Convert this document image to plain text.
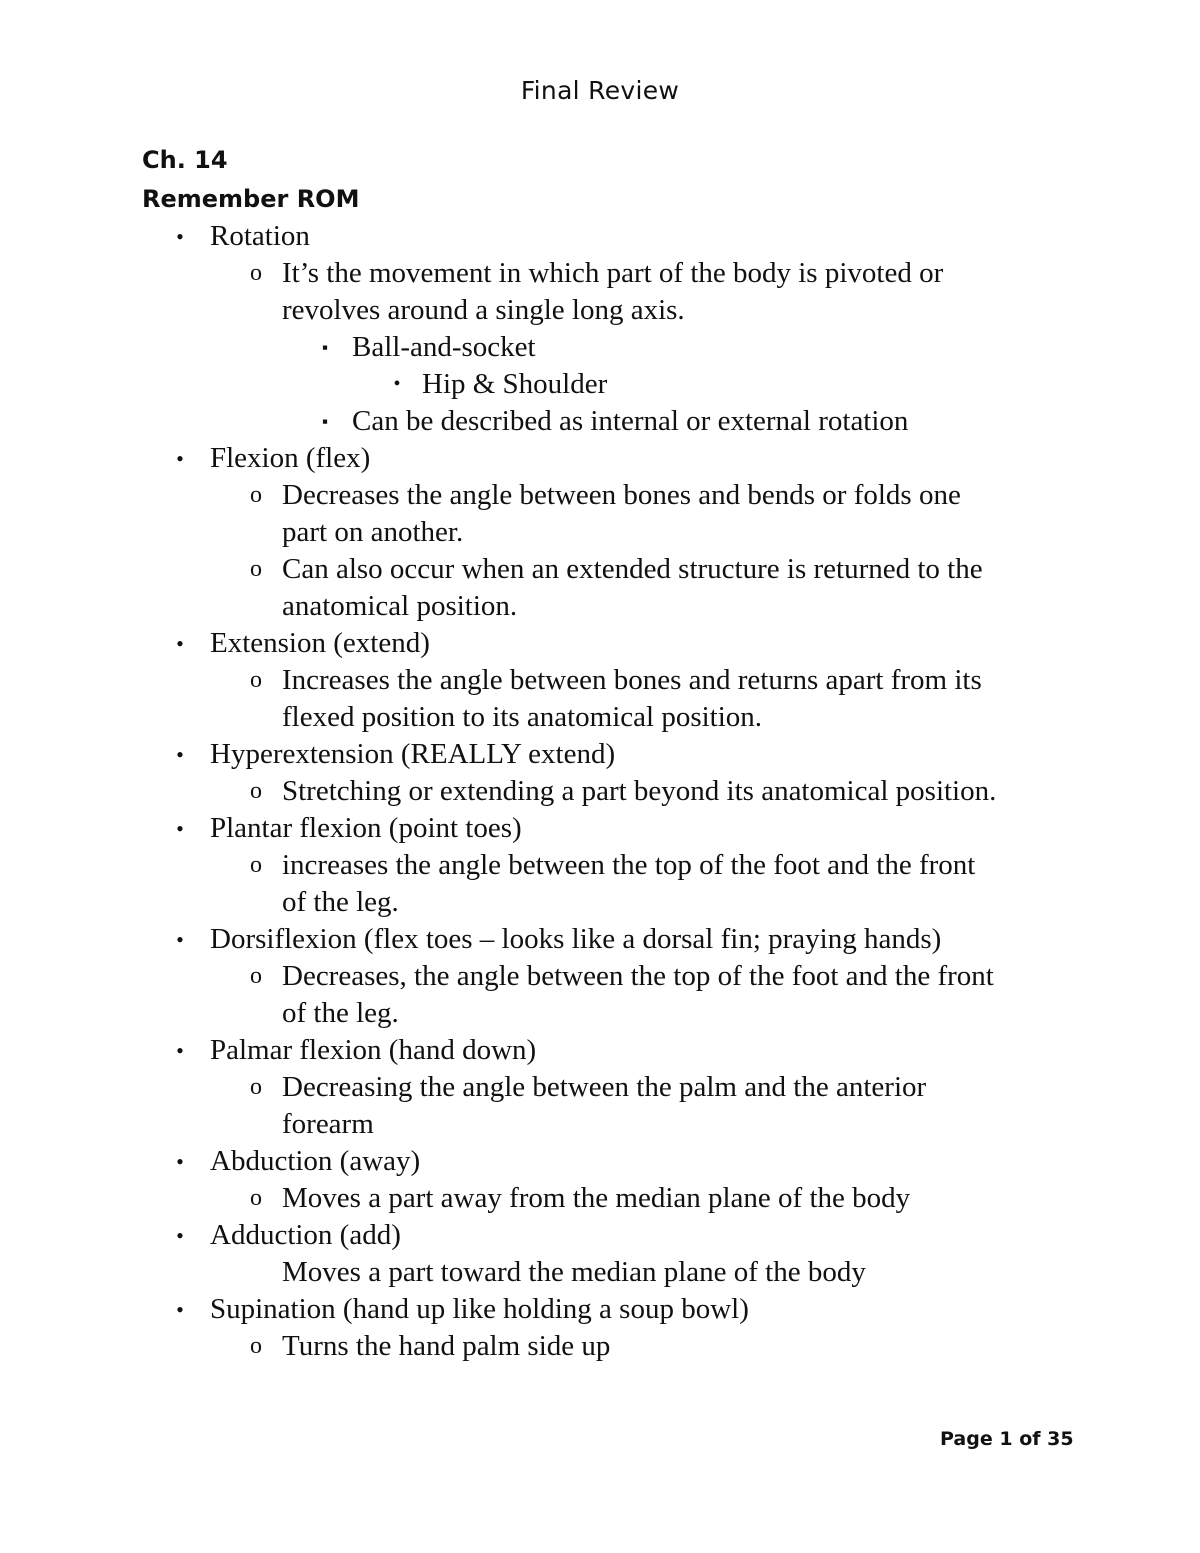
Final Review
Ch. 14
Remember ROM
• Rotation
o It’s the movement in which part of the body is pivoted or
revolves around a single long axis.
▪ Ball-and-socket
• Hip & Shoulder
▪ Can be described as internal or external rotation
• Flexion (flex)
o Decreases the angle between bones and bends or folds one
part on another.
o Can also occur when an extended structure is returned to the
anatomical position.
• Extension (extend)
o Increases the angle between bones and returns apart from its
flexed position to its anatomical position.
• Hyperextension (REALLY extend)
o Stretching or extending a part beyond its anatomical position.
• Plantar flexion (point toes)
o increases the angle between the top of the foot and the front
of the leg.
• Dorsiflexion (flex toes – looks like a dorsal fin; praying hands)
o Decreases, the angle between the top of the foot and the front
of the leg.
• Palmar flexion (hand down)
o Decreasing the angle between the palm and the anterior
forearm
• Abduction (away)
o Moves a part away from the median plane of the body
• Adduction (add)
Moves a part toward the median plane of the body
• Supination (hand up like holding a soup bowl)
o Turns the hand palm side up
Page 1 of 35
